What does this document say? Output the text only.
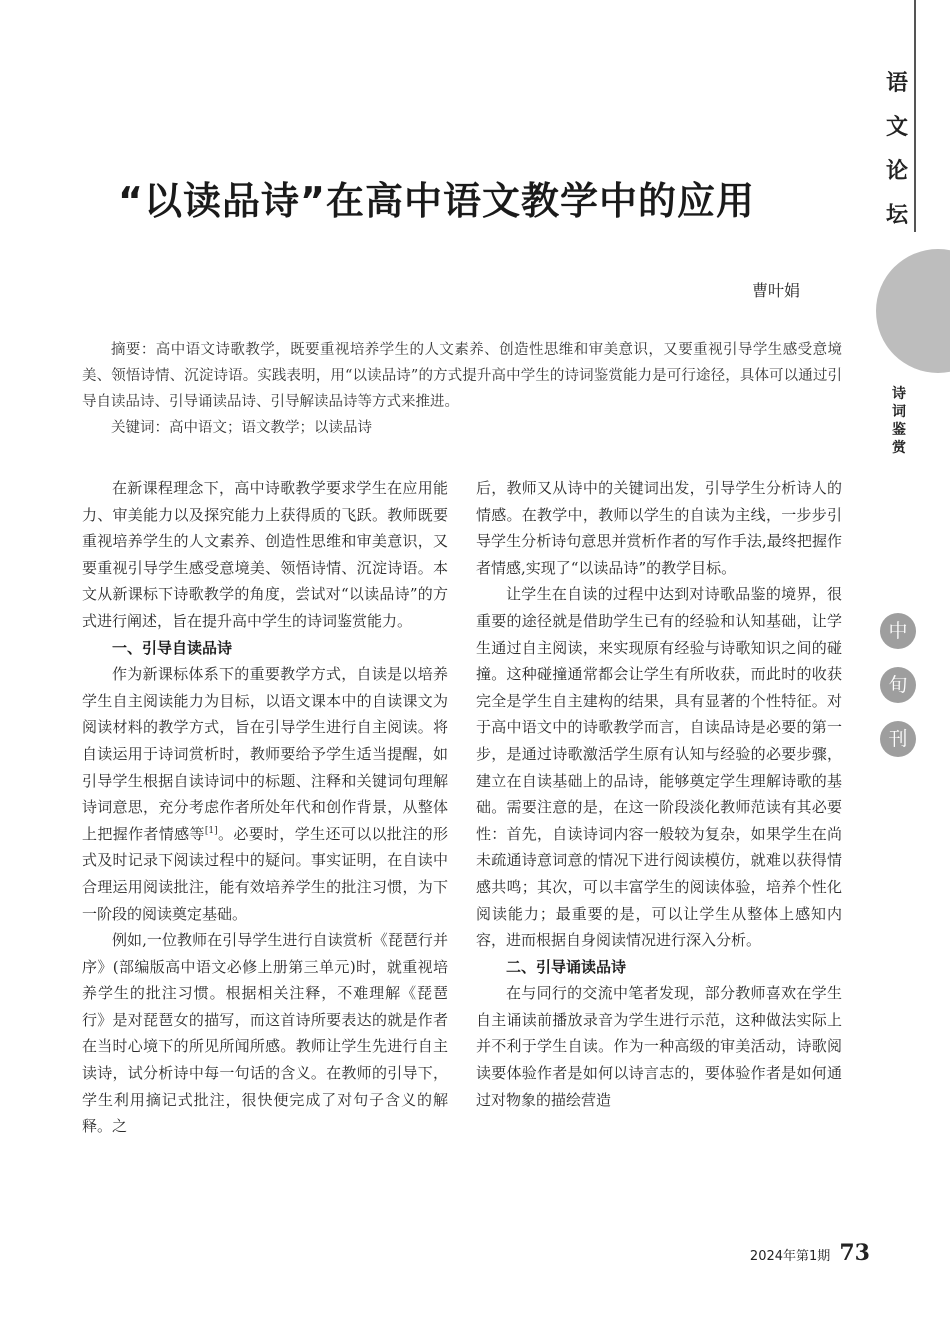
语
文
论
坛
诗
词
鉴
赏
中
旬
刊
“以读品诗”在高中语文教学中的应用
曹叶娟

摘要：高中语文诗歌教学，既要重视培养学生的人文素养、创造性思维和审美意识，又要重视引导学生感受意境美、领悟诗情、沉淀诗语。实践表明，用“以读品诗”的方式提升高中学生的诗词鉴赏能力是可行途径，具体可以通过引导自读品诗、引导诵读品诗、引导解读品诗等方式来推进。

关键词：高中语文；语文教学；以读品诗

在新课程理念下，高中诗歌教学要求学生在应用能力、审美能力以及探究能力上获得质的飞跃。教师既要重视培养学生的人文素养、创造性思维和审美意识，又要重视引导学生感受意境美、领悟诗情、沉淀诗语。本文从新课标下诗歌教学的角度，尝试对“以读品诗”的方式进行阐述，旨在提升高中学生的诗词鉴赏能力。

一、引导自读品诗

作为新课标体系下的重要教学方式，自读是以培养学生自主阅读能力为目标，以语文课本中的自读课文为阅读材料的教学方式，旨在引导学生进行自主阅读。将自读运用于诗词赏析时，教师要给予学生适当提醒，如引导学生根据自读诗词中的标题、注释和关键词句理解诗词意思，充分考虑作者所处年代和创作背景，从整体上把握作者情感等[1]。必要时，学生还可以以批注的形式及时记录下阅读过程中的疑问。事实证明，在自读中合理运用阅读批注，能有效培养学生的批注习惯，为下一阶段的阅读奠定基础。

例如,一位教师在引导学生进行自读赏析《琵琶行并序》(部编版高中语文必修上册第三单元)时，就重视培养学生的批注习惯。根据相关注释，不难理解《琵琶行》是对琵琶女的描写，而这首诗所要表达的就是作者在当时心境下的所见所闻所感。教师让学生先进行自主读诗，试分析诗中每一句话的含义。在教师的引导下，学生利用摘记式批注，很快便完成了对句子含义的解释。之

后，教师又从诗中的关键词出发，引导学生分析诗人的情感。在教学中，教师以学生的自读为主线，一步步引导学生分析诗句意思并赏析作者的写作手法,最终把握作者情感,实现了“以读品诗”的教学目标。

让学生在自读的过程中达到对诗歌品鉴的境界，很重要的途径就是借助学生已有的经验和认知基础，让学生通过自主阅读，来实现原有经验与诗歌知识之间的碰撞。这种碰撞通常都会让学生有所收获，而此时的收获完全是学生自主建构的结果，具有显著的个性特征。对于高中语文中的诗歌教学而言，自读品诗是必要的第一步，是通过诗歌激活学生原有认知与经验的必要步骤，建立在自读基础上的品诗，能够奠定学生理解诗歌的基础。需要注意的是，在这一阶段淡化教师范读有其必要性：首先，自读诗词内容一般较为复杂，如果学生在尚未疏通诗意词意的情况下进行阅读模仿，就难以获得情感共鸣；其次，可以丰富学生的阅读体验，培养个性化阅读能力；最重要的是，可以让学生从整体上感知内容，进而根据自身阅读情况进行深入分析。

二、引导诵读品诗

在与同行的交流中笔者发现，部分教师喜欢在学生自主诵读前播放录音为学生进行示范，这种做法实际上并不利于学生自读。作为一种高级的审美活动，诗歌阅读要体验作者是如何以诗言志的，要体验作者是如何通过对物象的描绘营造

2024年第1期 73
